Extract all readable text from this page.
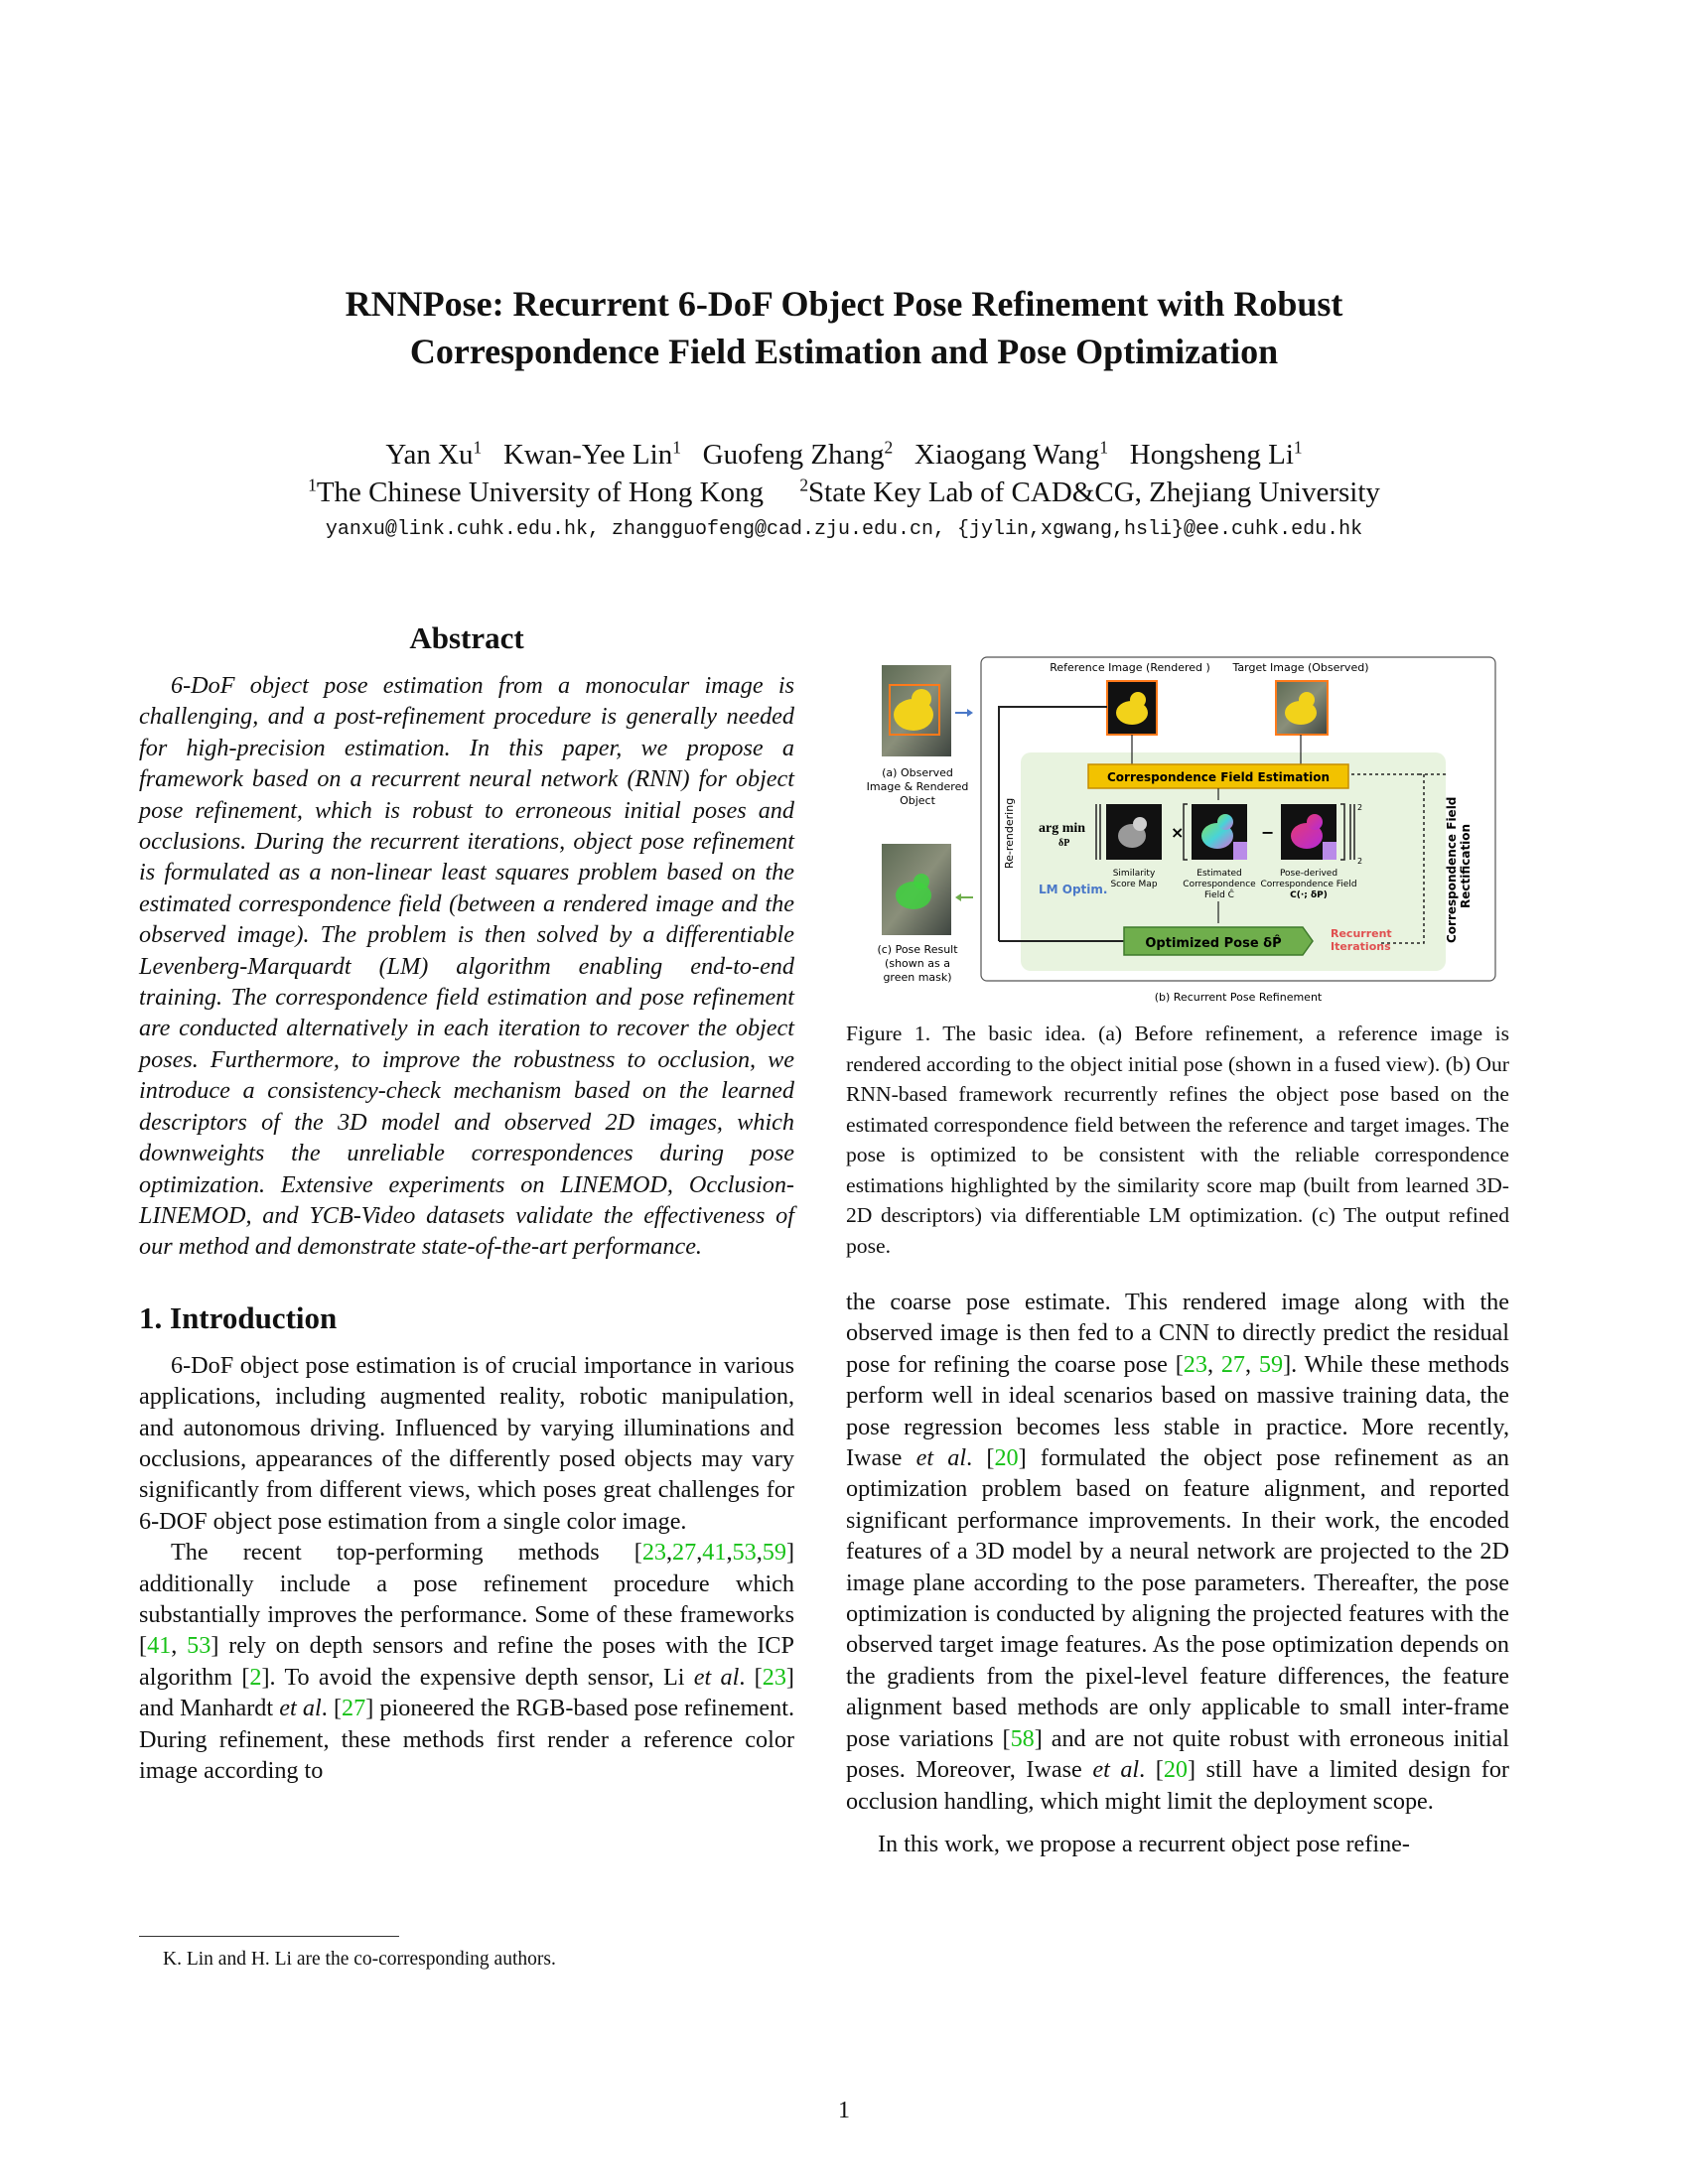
RNNPose: Recurrent 6-DoF Object Pose Refinement with Robust
Correspondence Field Estimation and Pose Optimization
Yan Xu$^1$ Kwan-Yee Lin$^1$ Guofeng Zhang$^2$ Xiaogang Wang$^1$ Hongsheng Li$^1$
$^1$The Chinese University of Hong Kong $^2$State Key Lab of CAD&CG, Zhejiang University
yanxu@link.cuhk.edu.hk, zhangguofeng@cad.zju.edu.cn, {jylin,xgwang,hsli}@ee.cuhk.edu.hk
Abstract

6-DoF object pose estimation from a monocular image is challenging, and a post-refinement procedure is generally needed for high-precision estimation. In this paper, we propose a framework based on a recurrent neural network (RNN) for object pose refinement, which is robust to erroneous initial poses and occlusions. During the recurrent iterations, object pose refinement is formulated as a non-linear least squares problem based on the estimated correspondence field (between a rendered image and the observed image). The problem is then solved by a differentiable Levenberg-Marquardt (LM) algorithm enabling end-to-end training. The correspondence field estimation and pose refinement are conducted alternatively in each iteration to recover the object poses. Furthermore, to improve the robustness to occlusion, we introduce a consistency-check mechanism based on the learned descriptors of the 3D model and observed 2D images, which downweights the unreliable correspondences during pose optimization. Extensive experiments on LINEMOD, Occlusion-LINEMOD, and YCB-Video datasets validate the effectiveness of our method and demonstrate state-of-the-art performance.

1. Introduction

6-DoF object pose estimation is of crucial importance in various applications, including augmented reality, robotic manipulation, and autonomous driving. Influenced by varying illuminations and occlusions, appearances of the differently posed objects may vary significantly from different views, which poses great challenges for 6-DOF object pose estimation from a single color image.

The recent top-performing methods [23,27,41,53,59] additionally include a pose refinement procedure which substantially improves the performance. Some of these frameworks [41, 53] rely on depth sensors and refine the poses with the ICP algorithm [2]. To avoid the expensive depth sensor, Li et al. [23] and Manhardt et al. [27] pioneered the RGB-based pose refinement. During refinement, these methods first render a reference color image according to

(a) Observed
Image & Rendered
Object
(c) Pose Result
(shown as a
green mask)
(b) Recurrent Pose Refinement
Reference Image (Rendered ) Target Image (Observed)
Re-rendering
Correspondence Field Estimation
Correspondence Field Rectification
arg min
δP
Similarity
Score Map
×
Estimated
Correspondence
Field Ĉ
−
2
2
Pose-derived
Correspondence Field
C(·; δP)
LM Optim.
Optimized Pose δP̂
Recurrent
Iterations
Figure 1. The basic idea. (a) Before refinement, a reference image is rendered according to the object initial pose (shown in a fused view). (b) Our RNN-based framework recurrently refines the object pose based on the estimated correspondence field between the reference and target images. The pose is optimized to be consistent with the reliable correspondence estimations highlighted by the similarity score map (built from learned 3D-2D descriptors) via differentiable LM optimization. (c) The output refined pose.

the coarse pose estimate. This rendered image along with the observed image is then fed to a CNN to directly predict the residual pose for refining the coarse pose [23, 27, 59]. While these methods perform well in ideal scenarios based on massive training data, the pose regression becomes less stable in practice. More recently, Iwase et al. [20] formulated the object pose refinement as an optimization problem based on feature alignment, and reported significant performance improvements. In their work, the encoded features of a 3D model by a neural network are projected to the 2D image plane according to the pose parameters. Thereafter, the pose optimization is conducted by aligning the projected features with the observed target image features. As the pose optimization depends on the gradients from the pixel-level feature differences, the feature alignment based methods are only applicable to small inter-frame pose variations [58] and are not quite robust with erroneous initial poses. Moreover, Iwase et al. [20] still have a limited design for occlusion handling, which might limit the deployment scope.

In this work, we propose a recurrent object pose refine-

K. Lin and H. Li are the co-corresponding authors.
1
